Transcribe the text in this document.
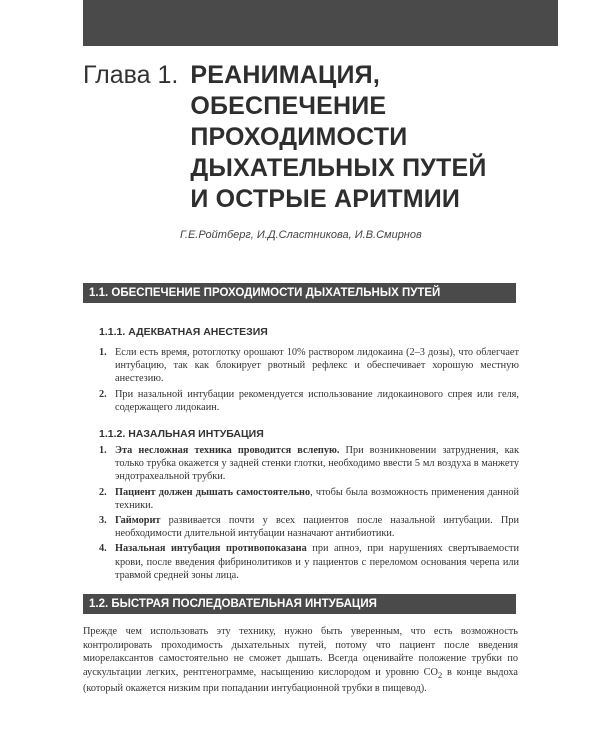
Глава 1. РЕАНИМАЦИЯ,
ОБЕСПЕЧЕНИЕ
ПРОХОДИМОСТИ
ДЫХАТЕЛЬНЫХ ПУТЕЙ
И ОСТРЫЕ АРИТМИИ
Г.Е.Ройтберг, И.Д.Сластникова, И.В.Смирнов
1.1. ОБЕСПЕЧЕНИЕ ПРОХОДИМОСТИ ДЫХАТЕЛЬНЫХ ПУТЕЙ
1.1.1. АДЕКВАТНАЯ АНЕСТЕЗИЯ
1. Если есть время, ротоглотку орошают 10% раствором лидокаина (2–3 дозы), что облегчает интубацию, так как блокирует рвотный рефлекс и обеспечивает хорошую местную анестезию.
2. При назальной интубации рекомендуется использование лидокаинового спрея или геля, содержащего лидокаин.
1.1.2. НАЗАЛЬНАЯ ИНТУБАЦИЯ
1. Эта несложная техника проводится вслепую. При возникновении затруднения, как только трубка окажется у задней стенки глотки, необходимо ввести 5 мл воздуха в манжету эндотрахеальной трубки.
2. Пациент должен дышать самостоятельно, чтобы была возможность применения данной техники.
3. Гайморит развивается почти у всех пациентов после назальной интубации. При необходимости длительной интубации назначают антибиотики.
4. Назальная интубация противопоказана при апноэ, при нарушениях свертываемости крови, после введения фибринолитиков и у пациентов с переломом основания черепа или травмой средней зоны лица.
1.2. БЫСТРАЯ ПОСЛЕДОВАТЕЛЬНАЯ ИНТУБАЦИЯ
Прежде чем использовать эту технику, нужно быть уверенным, что есть возможность контролировать проходимость дыхательных путей, потому что пациент после введения миорелаксантов самостоятельно не сможет дышать. Всегда оценивайте положение трубки по аускультации легких, рентгенограмме, насыщению кислородом и уровню $CO_2$ в конце выдоха (который окажется низким при попадании интубационной трубки в пищевод).
